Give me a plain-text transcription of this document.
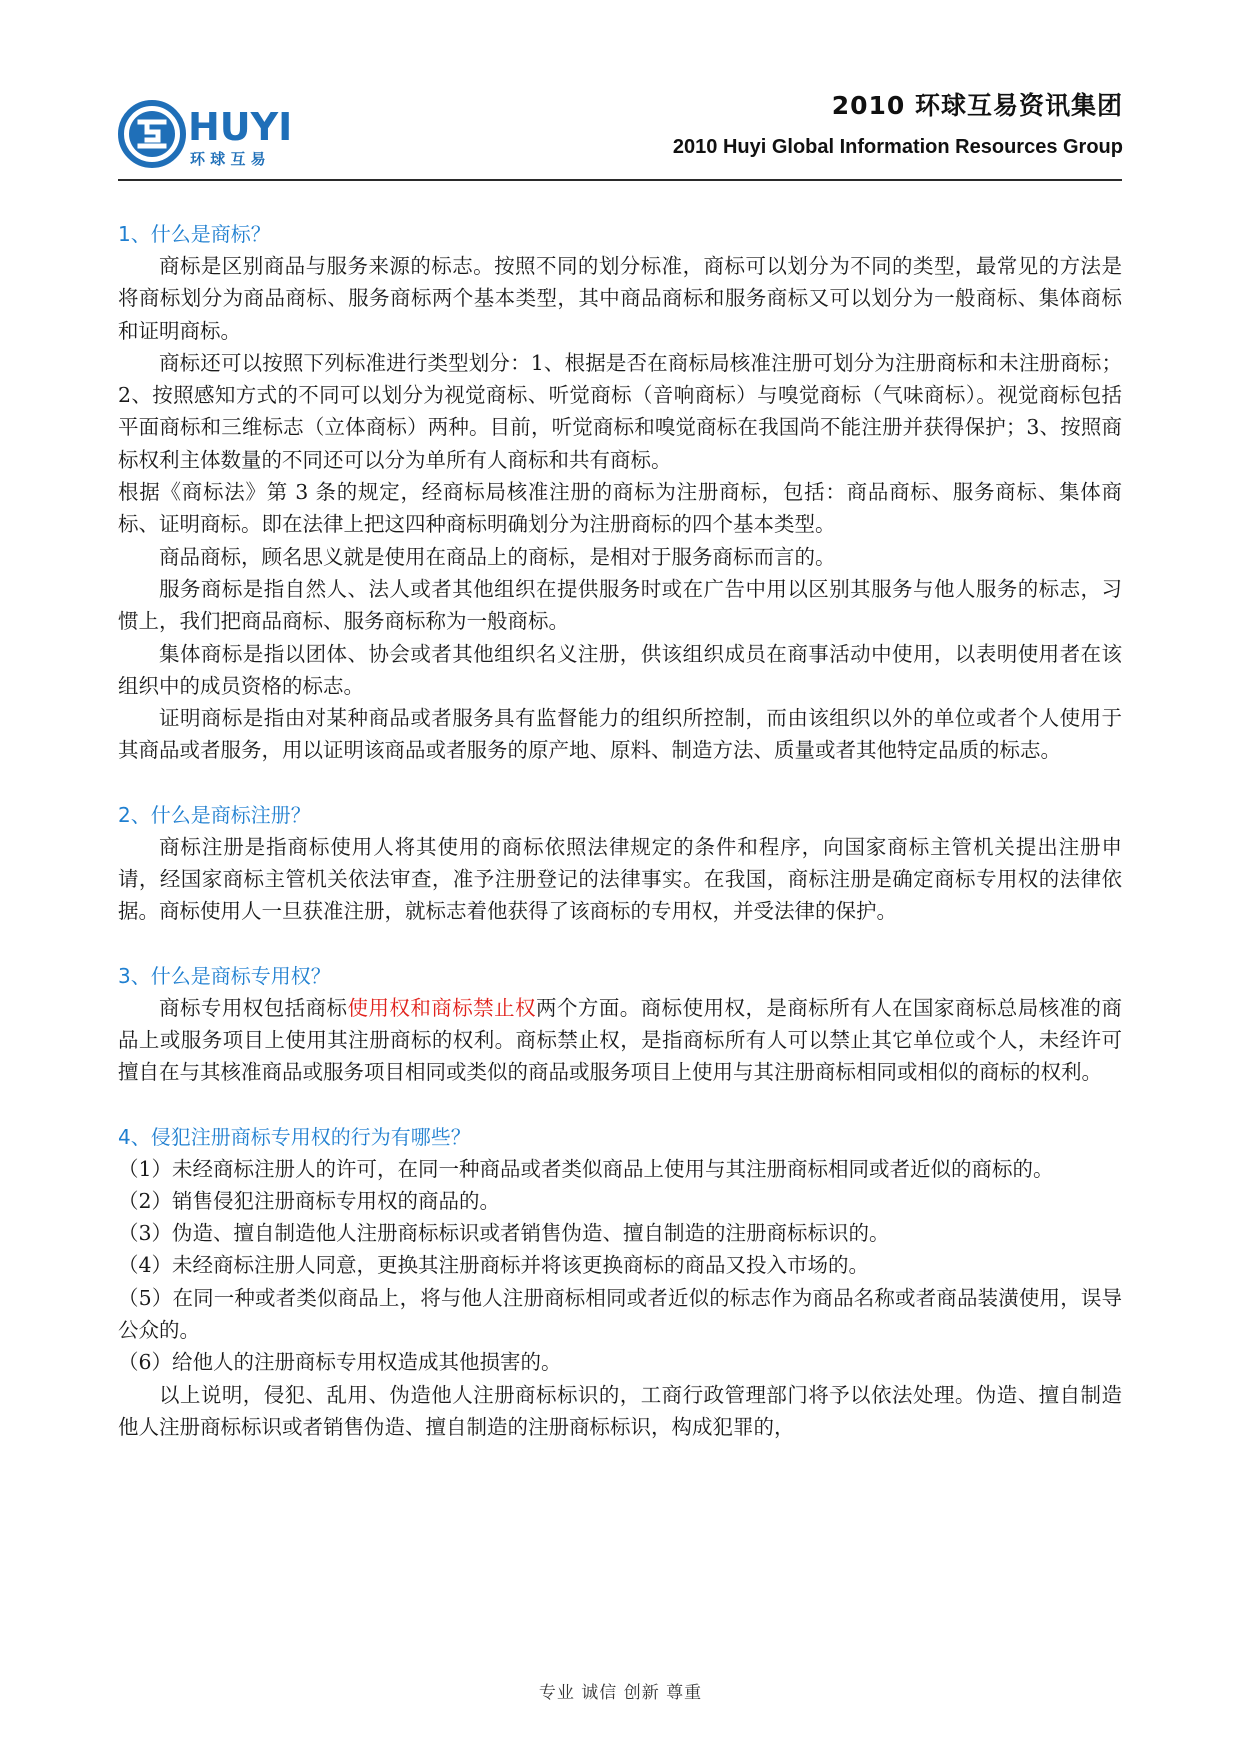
HUYI
环 球 互 易
2010 环球互易资讯集团
2010 Huyi Global Information Resources Group

1、什么是商标？

商标是区别商品与服务来源的标志。按照不同的划分标准，商标可以划分为不同的类型，最常见的方法是将商标划分为商品商标、服务商标两个基本类型，其中商品商标和服务商标又可以划分为一般商标、集体商标和证明商标。

商标还可以按照下列标准进行类型划分：1、根据是否在商标局核准注册可划分为注册商标和未注册商标；2、按照感知方式的不同可以划分为视觉商标、听觉商标（音响商标）与嗅觉商标（气味商标）。视觉商标包括平面商标和三维标志（立体商标）两种。目前，听觉商标和嗅觉商标在我国尚不能注册并获得保护；3、按照商标权利主体数量的不同还可以分为单所有人商标和共有商标。

根据《商标法》第 3 条的规定，经商标局核准注册的商标为注册商标，包括：商品商标、服务商标、集体商标、证明商标。即在法律上把这四种商标明确划分为注册商标的四个基本类型。

商品商标，顾名思义就是使用在商品上的商标，是相对于服务商标而言的。

服务商标是指自然人、法人或者其他组织在提供服务时或在广告中用以区别其服务与他人服务的标志，习惯上，我们把商品商标、服务商标称为一般商标。

集体商标是指以团体、协会或者其他组织名义注册，供该组织成员在商事活动中使用，以表明使用者在该组织中的成员资格的标志。

证明商标是指由对某种商品或者服务具有监督能力的组织所控制，而由该组织以外的单位或者个人使用于其商品或者服务，用以证明该商品或者服务的原产地、原料、制造方法、质量或者其他特定品质的标志。

2、什么是商标注册？

商标注册是指商标使用人将其使用的商标依照法律规定的条件和程序，向国家商标主管机关提出注册申请，经国家商标主管机关依法审查，准予注册登记的法律事实。在我国，商标注册是确定商标专用权的法律依据。商标使用人一旦获准注册，就标志着他获得了该商标的专用权，并受法律的保护。

3、什么是商标专用权？

商标专用权包括商标使用权和商标禁止权两个方面。商标使用权，是商标所有人在国家商标总局核准的商品上或服务项目上使用其注册商标的权利。商标禁止权，是指商标所有人可以禁止其它单位或个人，未经许可擅自在与其核准商品或服务项目相同或类似的商品或服务项目上使用与其注册商标相同或相似的商标的权利。

4、侵犯注册商标专用权的行为有哪些？

（1）未经商标注册人的许可，在同一种商品或者类似商品上使用与其注册商标相同或者近似的商标的。

（2）销售侵犯注册商标专用权的商品的。

（3）伪造、擅自制造他人注册商标标识或者销售伪造、擅自制造的注册商标标识的。

（4）未经商标注册人同意，更换其注册商标并将该更换商标的商品又投入市场的。

（5）在同一种或者类似商品上，将与他人注册商标相同或者近似的标志作为商品名称或者商品装潢使用，误导公众的。

（6）给他人的注册商标专用权造成其他损害的。

以上说明，侵犯、乱用、伪造他人注册商标标识的，工商行政管理部门将予以依法处理。伪造、擅自制造他人注册商标标识或者销售伪造、擅自制造的注册商标标识，构成犯罪的，

专业 诚信 创新 尊重
